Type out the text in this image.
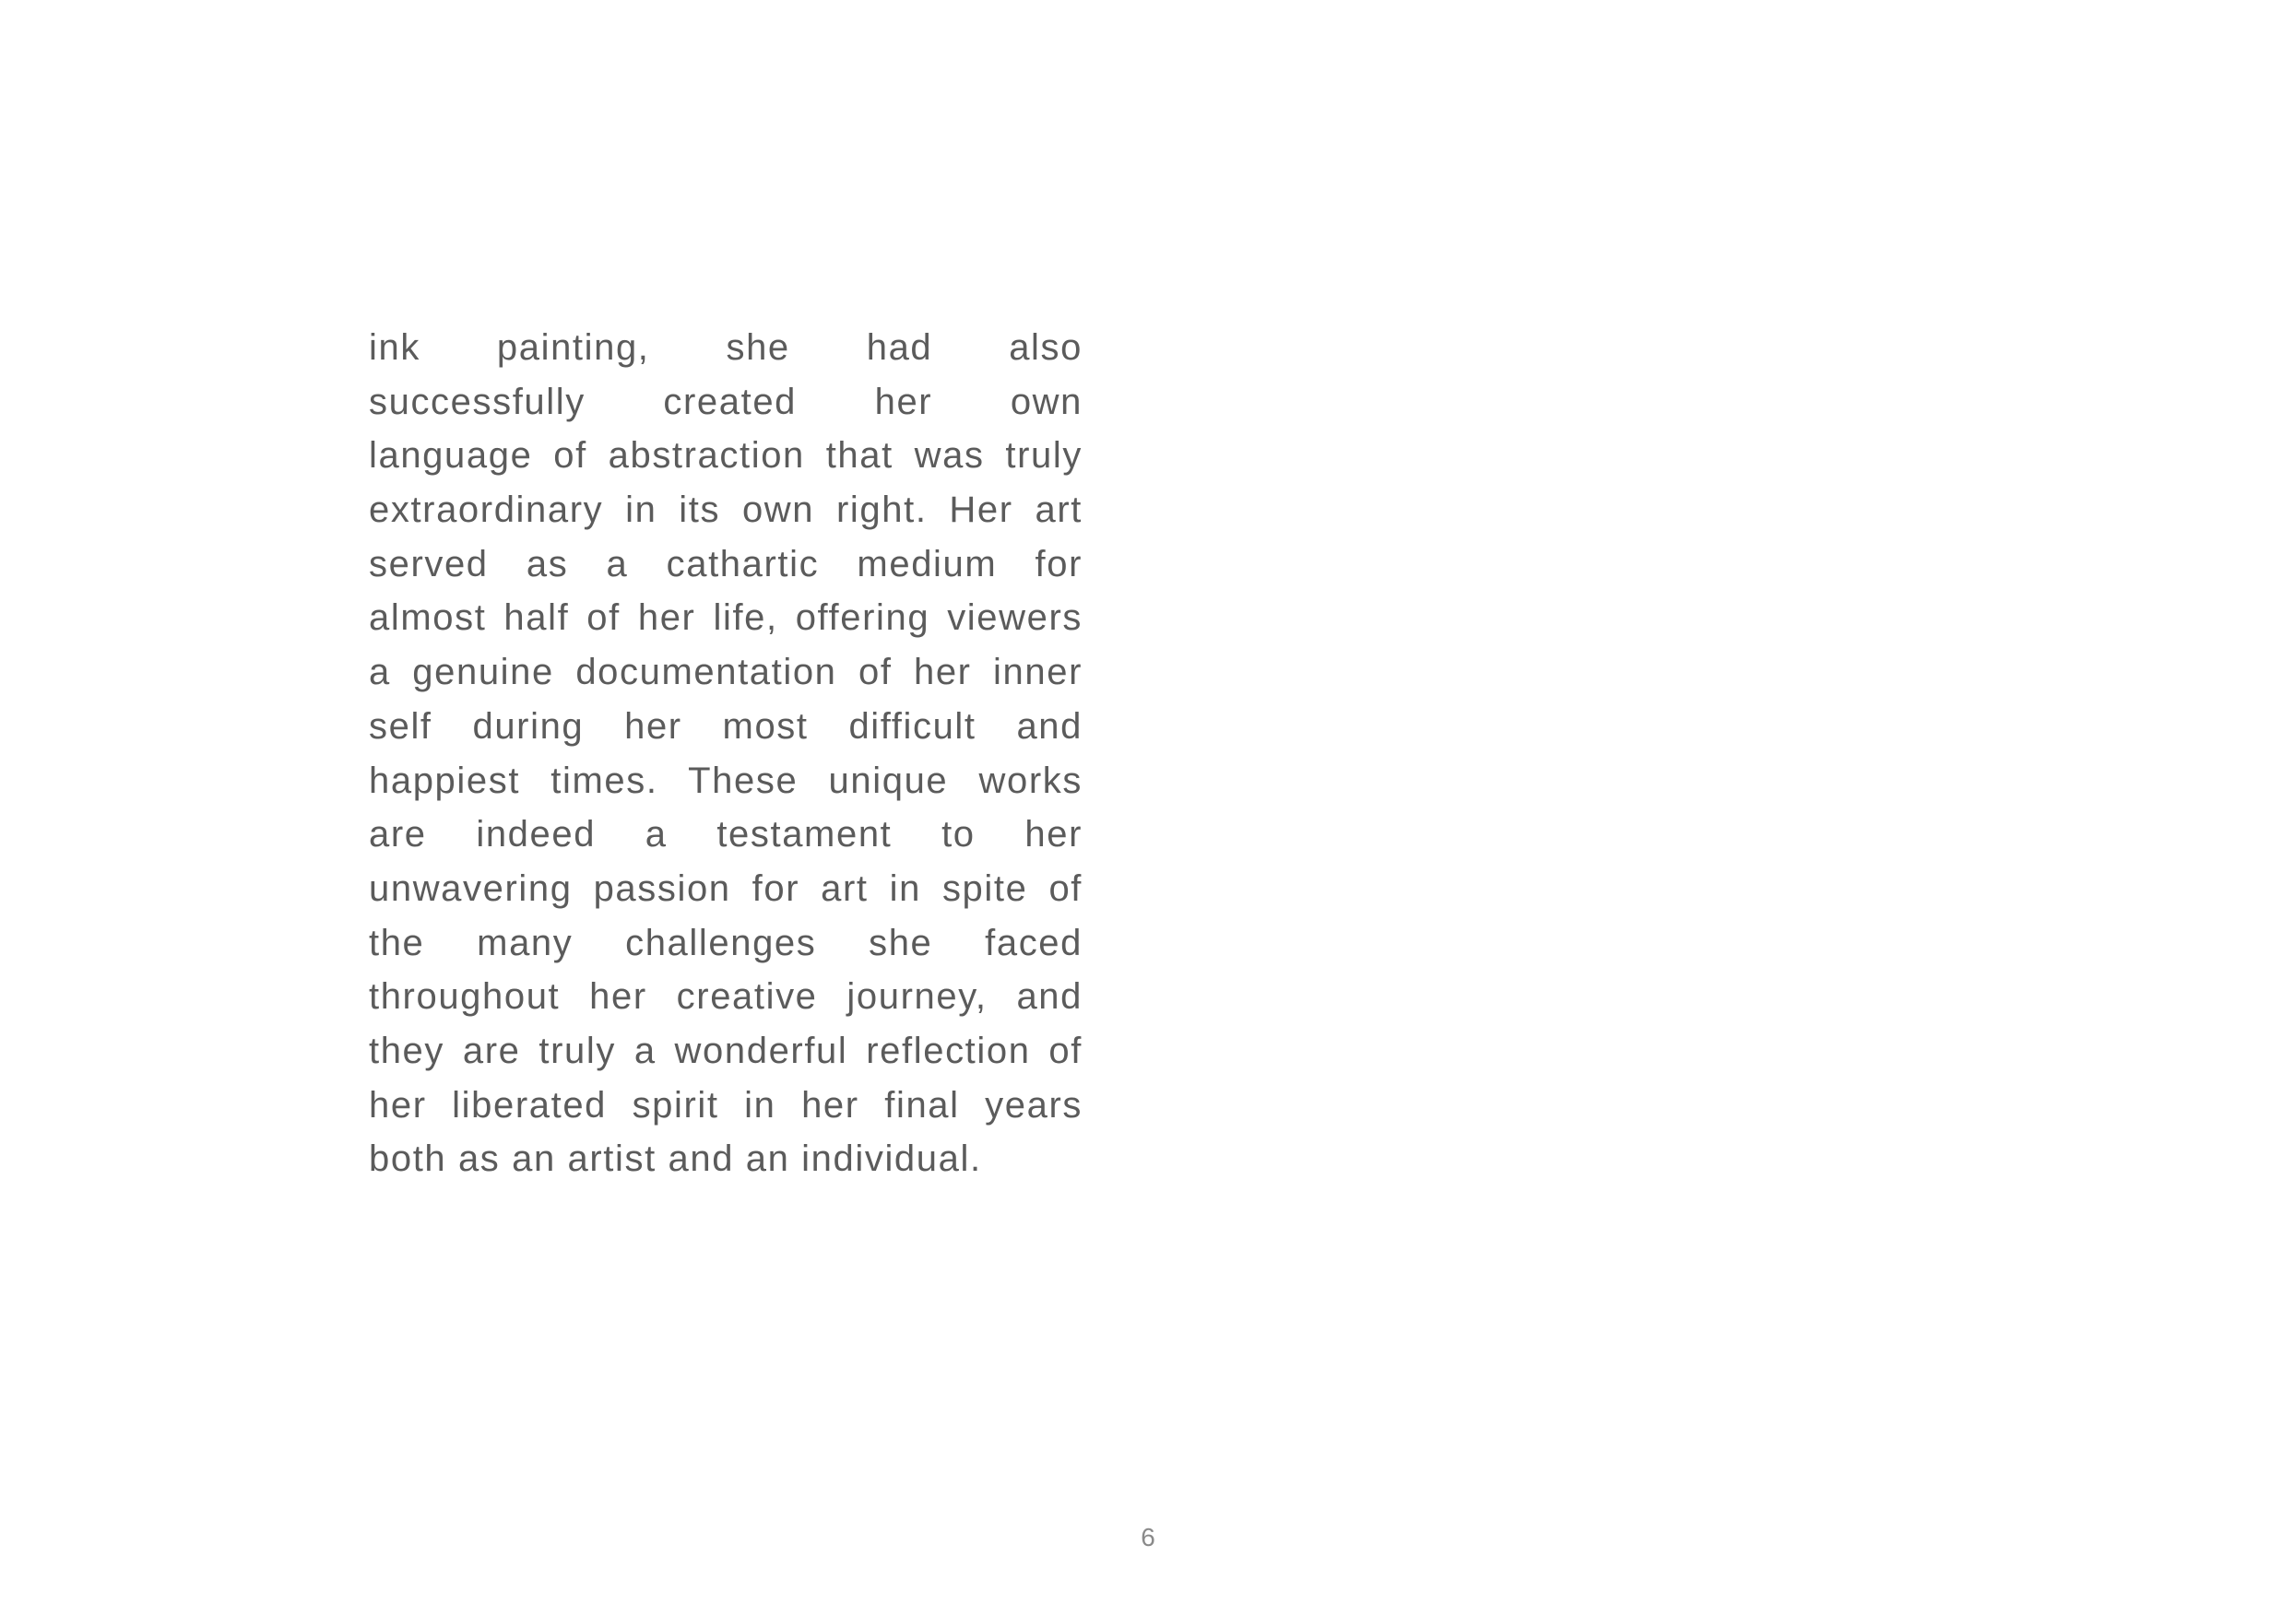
ink painting, she had also
successfully created her own
language of abstraction that was truly
extraordinary in its own right. Her art
served as a cathartic medium for
almost half of her life, offering viewers
a genuine documentation of her inner
self during her most difficult and
happiest times. These unique works
are indeed a testament to her
unwavering passion for art in spite of
the many challenges she faced
throughout her creative journey, and
they are truly a wonderful reflection of
her liberated spirit in her final years
both as an artist and an individual.

6
